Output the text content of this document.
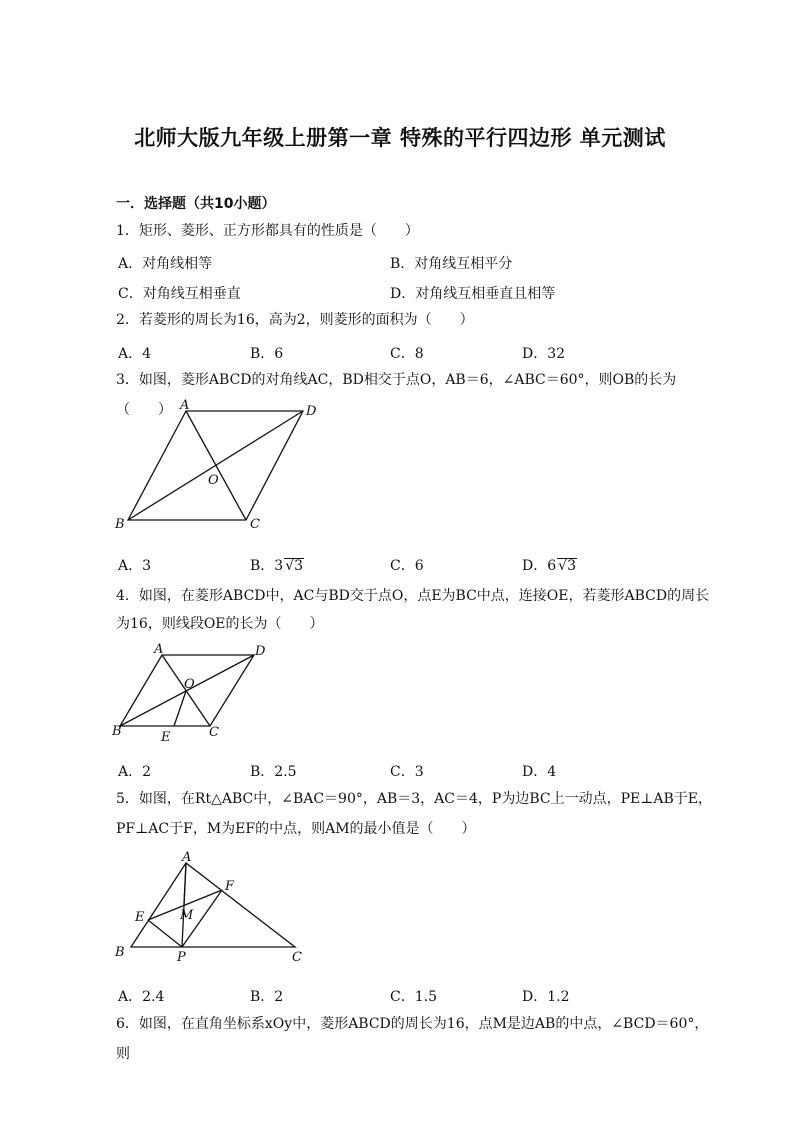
北师大版九年级上册第一章 特殊的平行四边形 单元测试
一．选择题（共10小题）
1．矩形、菱形、正方形都具有的性质是（　　）
A．对角线相等	B．对角线互相平分
C．对角线互相垂直	D．对角线互相垂直且相等
2．若菱形的周长为16，高为2，则菱形的面积为（　　）
A．4	B．6	C．8	D．32
3．如图，菱形ABCD的对角线AC，BD相交于点O，AB＝6，∠ABC＝60°，则OB的长为（　　） A	D
O
B	C
A．3	B．3 √3	C．6	D．6 √3
4．如图，在菱形ABCD中，AC与BD交于点O，点E为BC中点，连接OE，若菱形ABCD的周长
为16，则线段OE的长为（　　）
A	D
O
B	E	C
A．2	B．2.5	C．3	D．4
5．如图，在Rt△ABC中，∠BAC＝90°，AB＝3，AC＝4，P为边BC上一动点，PE⊥AB于E，
PF⊥AC于F，M为EF的中点，则AM的最小值是（　　）
A
F
E	M
B	P	C
A．2.4	B．2	C．1.5	D．1.2
6．如图，在直角坐标系xOy中，菱形ABCD的周长为16，点M是边AB的中点，∠BCD＝60°，则
